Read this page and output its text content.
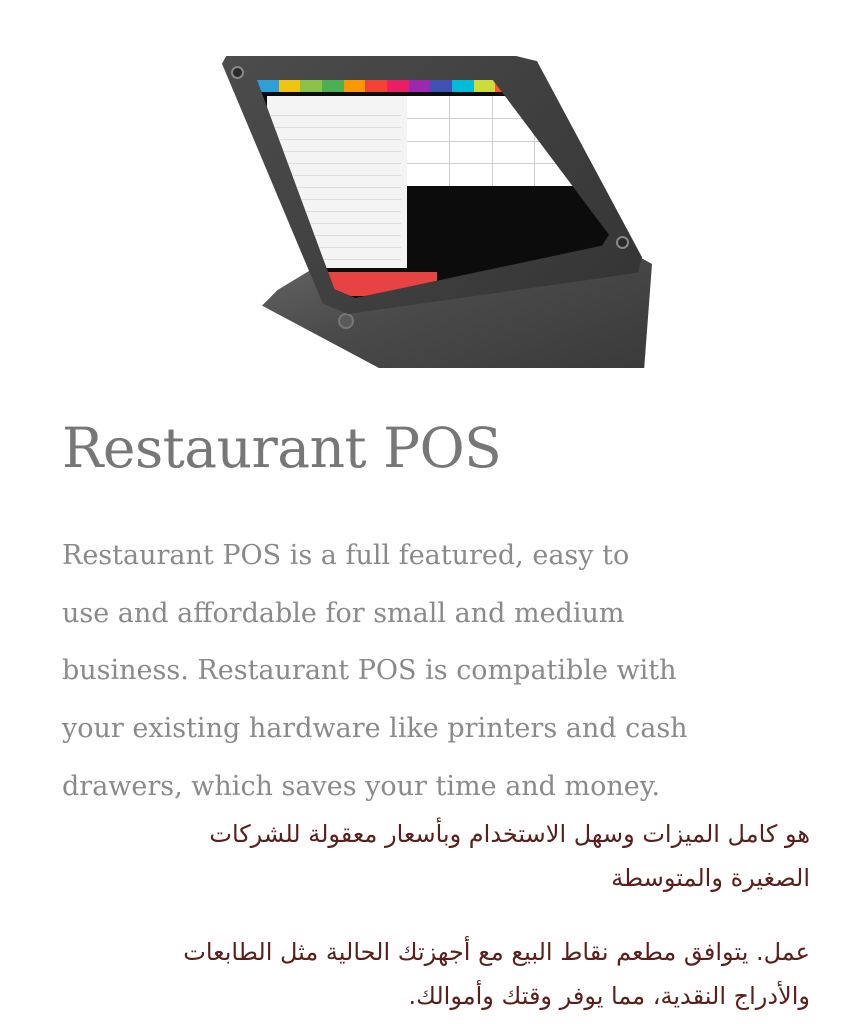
Restaurant POS
Restaurant POS is a full featured, easy to
use and affordable for small and medium
business. Restaurant POS is compatible with
your existing hardware like printers and cash
drawers, which saves your time and money.
هو كامل الميزات وسهل الاستخدام وبأسعار معقولة للشركات
الصغيرة والمتوسطة
عمل. يتوافق مطعم نقاط البيع مع أجهزتك الحالية مثل الطابعات
والأدراج النقدية، مما يوفر وقتك وأموالك.
